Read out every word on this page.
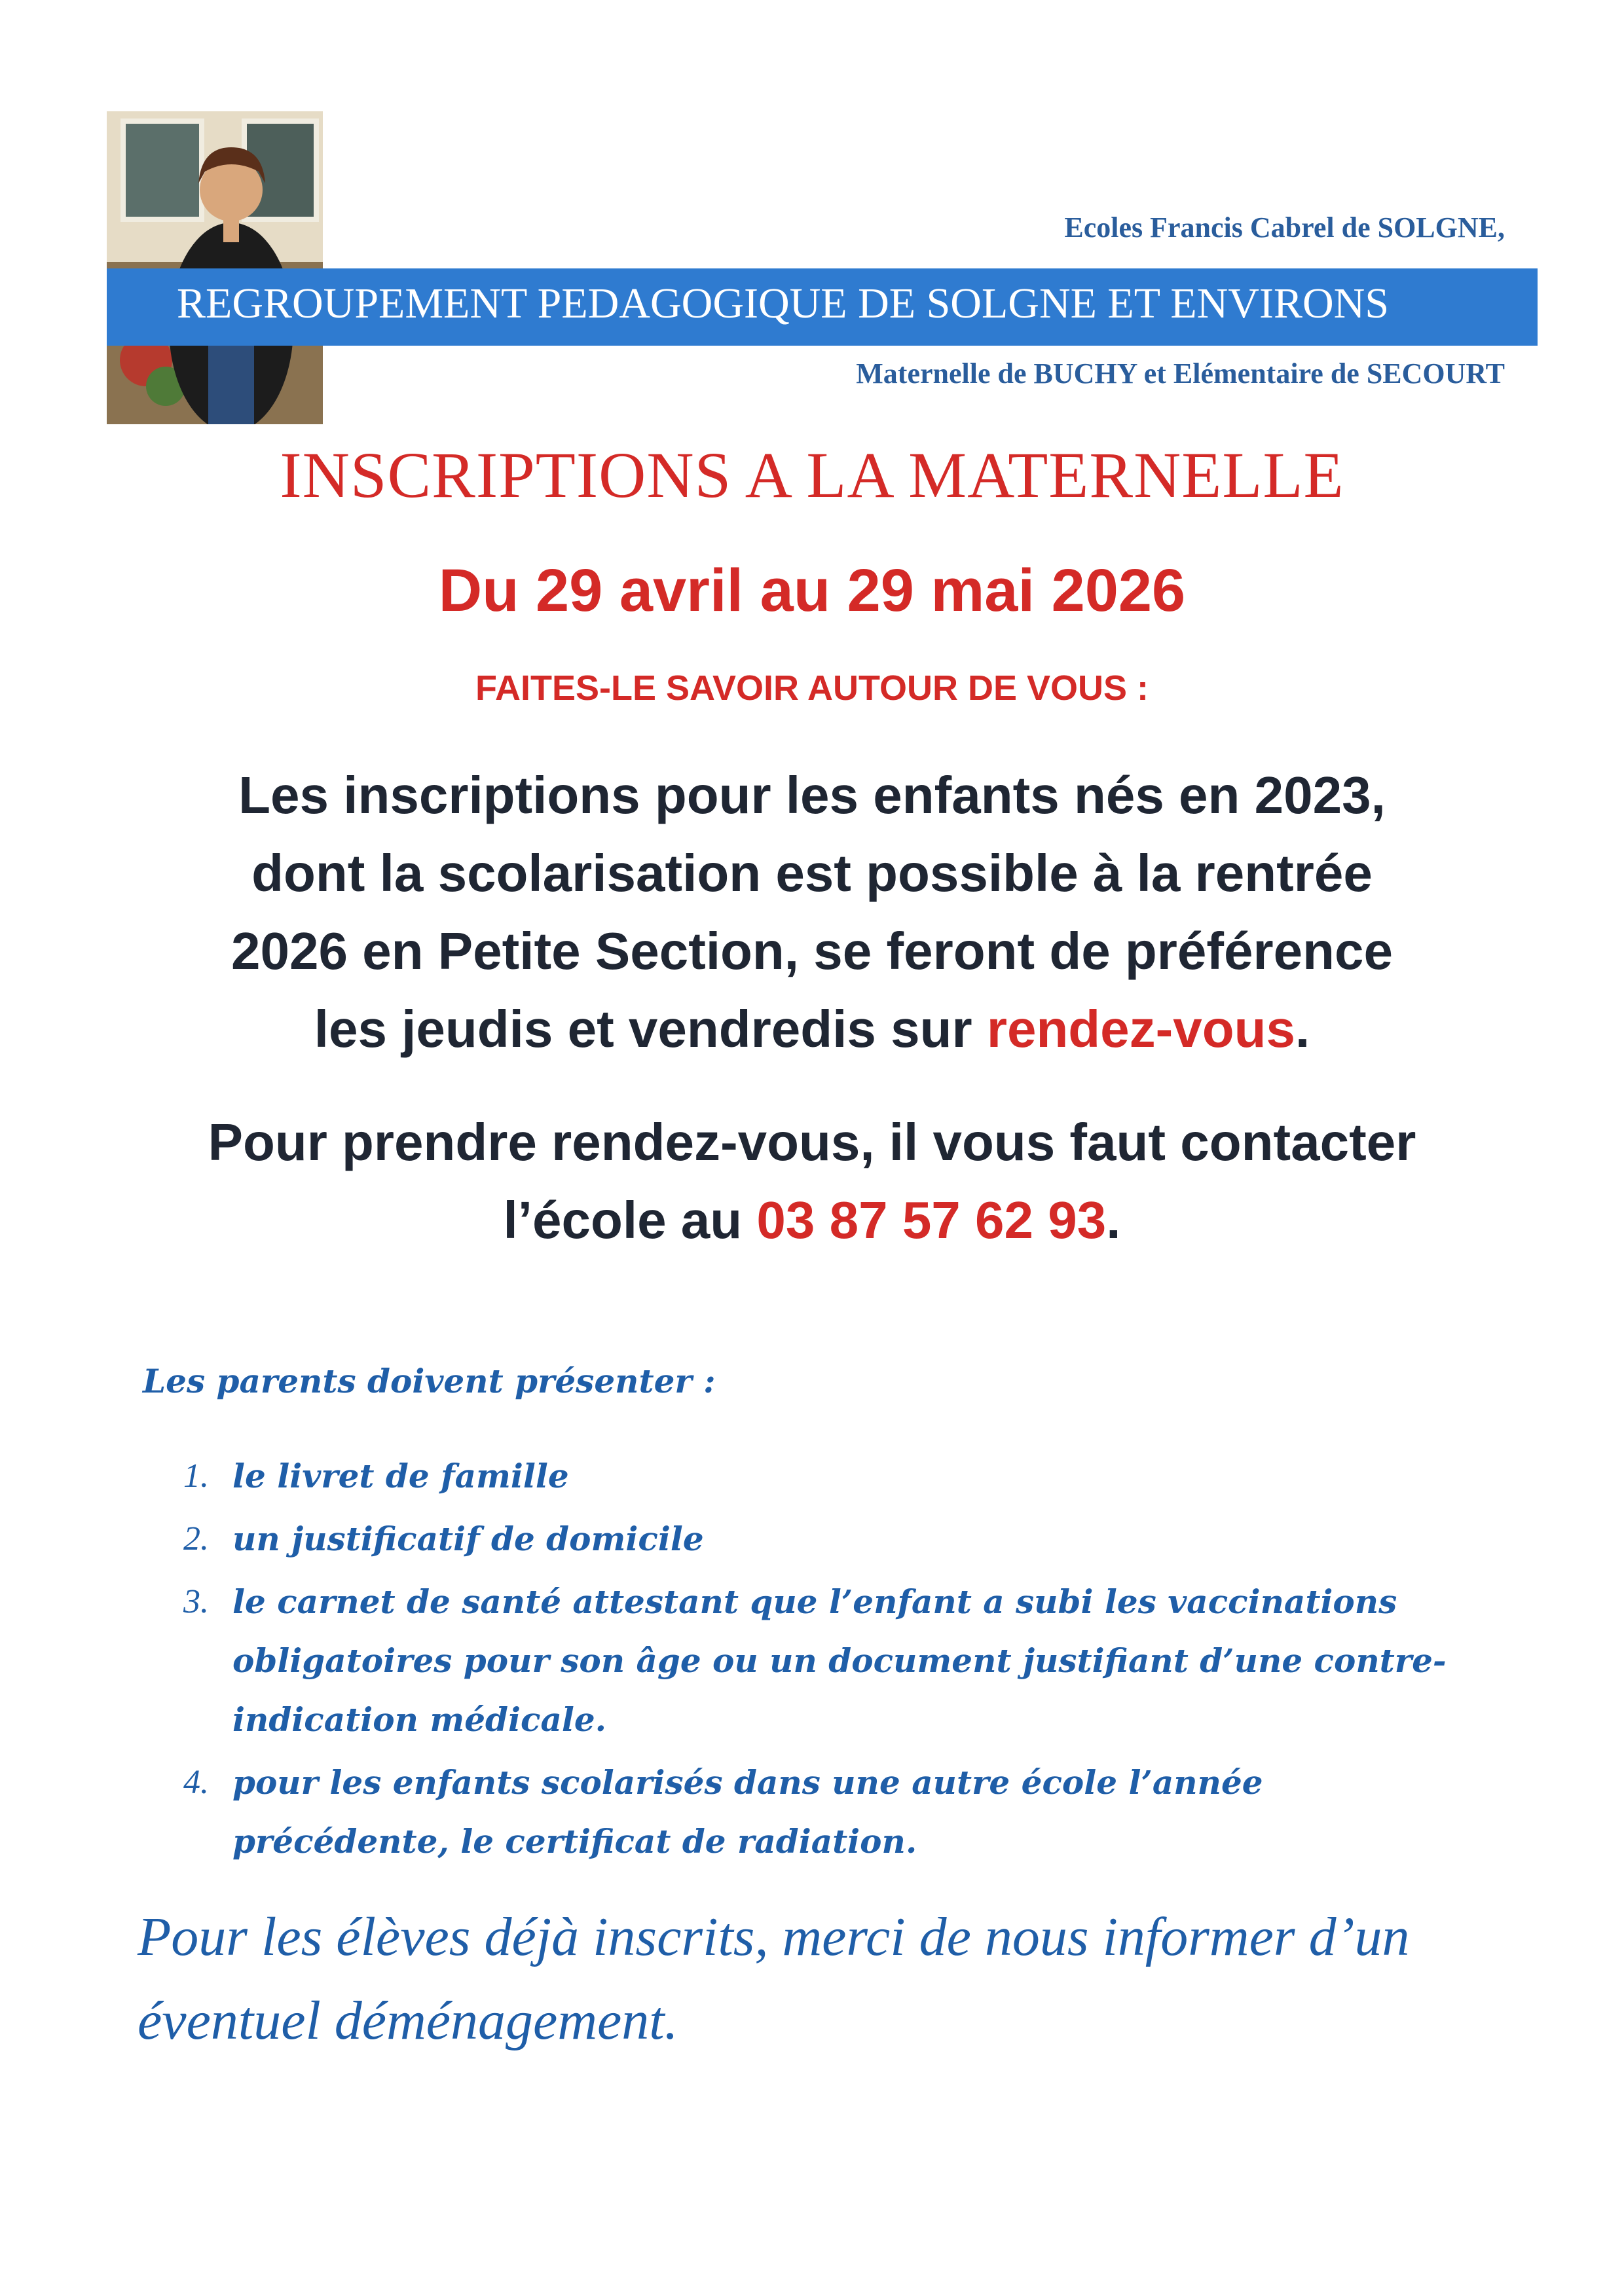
Ecoles Francis Cabrel de SOLGNE,
REGROUPEMENT PEDAGOGIQUE DE SOLGNE ET ENVIRONS
Maternelle de BUCHY et Elémentaire de SECOURT
INSCRIPTIONS A LA MATERNELLE
Du 29 avril au 29 mai 2026
FAITES-LE SAVOIR AUTOUR DE VOUS :
Les inscriptions pour les enfants nés en 2023,
dont la scolarisation est possible à la rentrée
2026 en Petite Section, se feront de préférence
les jeudis et vendredis sur rendez-vous.
Pour prendre rendez-vous, il vous faut contacter
l’école au 03 87 57 62 93.
Les parents doivent présenter :
1. le livret de famille
2. un justificatif de domicile
3. le carnet de santé attestant que l’enfant a subi les vaccinations obligatoires pour son âge ou un document justifiant d’une contre-indication médicale.
4. pour les enfants scolarisés dans une autre école l’année précédente, le certificat de radiation.
Pour les élèves déjà inscrits, merci de nous informer d’un éventuel déménagement.
